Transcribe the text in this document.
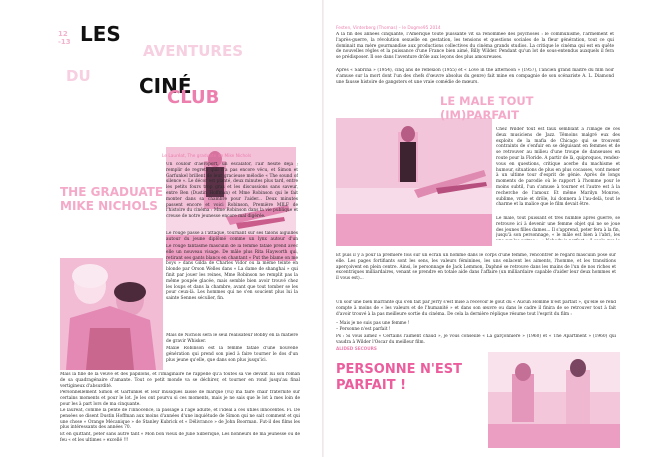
12
-13 LES
AVENTURES
DU CINÉ
CLUB
Le Lauréat, The graduate de Mike Nichols
THE GRADUATE
MIKE NICHOLS
Un couloir d'aéroport, un escalator, l'air hésite déjà ; remplir de regrets quil n'a pas encore vécu, et Simon et Garfunkel brillent de leur gracieuse mélodie « The sound of silence ». Le décor est planté, deux minutes plus tard, entre les petits fours trop gras et les discussions sans saveur, entre Ben (Dustin Hoffman) et Mme Robinson qui le fait monter dans sa chambre pour l'aider... Deux minutes passent encore et voici Robinson, Première MILF de l'histoire du cinéma : Mme Robinson dans la vie publique et creuse de notre jeunesse encore mal digérée.
Le rouge passe à l'attaque, tournant sur ses talons aiguilles autour du jeune diplômé comme un lynx autour d'un
Le rouge fantasme masculin de la femme fatale prend avec elle un nouveau visage. De mâle plus Rita Hayworth qui, retirant ses gants blancs en chantant « Put the blame on me boys » dans Gilda de Charles Vidor ou la même teinte en blonde par Orson Welles dans « La dame de shanghai » qui finit par jouer les reines, Mme Robinson ne remplit pas la même poupée glacée, mais semble bien avoir trouvé chez les loups et dans la chambre, avant que tout tomber se les pour ceux-là. Les hommes qui ne s'en soucient plus lui la sainte Sennes séculier, fin.
Mais de Nichols sera le seul réalisateur Bobby en la matière de gravir Whisker.
Maxie Robinson est la femme fatale d'une nouvelle génération qui prend son pied à faire tourner le dos d'un plus jeune qu'elle, que dans son plus jusqu'ici.
Mais la fille de la veuve et des papillons, et l'imaginaire ne rappelle qu'à toutes sa vie devant lui son roman de sa quadragénaire d'amante. Tout ce petit monde va se déchirer, et tourner en rond jusqu'au final vertigineux d'absurdité.
Personnellement Simon et Garfunkel et leur musiques laissé de marque (vu) ma faire chair fraternité sur certains moments et pour le lot. Je les ont pourvu si ces moments, mais je ne sais que le lot à mes loin de pour les à part lors de ma cinquante.
Le lauréat, comme la pente de l'innocence, la passage à l'âge adulte, et l'idéal à ces utiles innocentes. Fi. De pensées se disent Dustin Hoffman aux moins d'années d'une inquiétude de Simon qui ne sait comment et qui une chose « Orange Mécanique » de Stanley Kubrick et « Délivrance » de John Boorman. Fut-il des films les plus intéressants des années 70.
Et en quittant, peter sans autre tant « Mon bon vieux de Julie Silbérique, Les honneurs de ma jeunesse ou de feu « et les ultimes » excellé !!!
Festen, Vinterberg (Thomas) – le Dogme95 2014
A la fin des années cinquante, l'Amérique toute puissante vit sa renommée des psychoses : le communisme, l'armement et l'après-guerre, la révolution sexuelle en gestation, les tensions et questions sociales de la fleur génération, tout ce qui dominait ma mère gourmandise aux productions collectives du cinéma grands studios. La critique le cinéma qui est en quête de nouvelles règles et la puissance d'une France bien aimé, Billy Wilder. Pendant qu'un lot de sous-entendus auxquels il fera se prédisposer. Il ose dans l'aventure drôle aux leçons des plus amoureuses.
Après « Sabrina » (1954), cinq ans de réflexion (1955) et « Love in the afternoon » (1957), l'ancien grand maître du film noir s'amuse sur la mort dont l'un des chefs d'œuvre absolus du genre) fait mine en compagnie de son scénariste A. L. Diamond une fausse histoire de gangsters et une vraie comédie de mœurs.
LE MALE TOUT
(IM)PARFAIT
Chez Wilder tout est faux semblant à l'image de ces deux musiciens de Jazz. Témoins malgré eux des exploits de la mafia de Chicago qui se trouvent contraints de s'enfuir en se déguisant en femmes et de se retrouver au milieu d'une troupe de danseuses en route pour la Floride. A partir de là, quiproquos, rendez-vous en questions, critique acerbe du machisme et humour, situations de plus en plus cocasses, vont mener à un ultime tour d'esprit de génie. Après de longs moments de parodie où le rapport à l'homme pour le moins subtil, l'un s'amuse à tourner et l'autre est à la recherche de l'amour. Et même Marilyn Monroe, sublime, vraie et drôle, lui donnera à l'au-delà, tout le charme et la malice que le film devait être.
Le mâle, tout puissant et très humble après guerre, se retrouve ici à devenir une femme objet qui ne se joue des jeunes filles dames... Il s'apprend, peter fera à la fin, jusqu'à son personnage, « le mâle est bien à l'abri, les
Et puis il y a pour la première fois sur un écran un homme dans le corps d'une femme, rencontrer le regard masculin posé sur elle. Les pages fortifiants sont les sens, les valeurs féminines, les uns enlacent les aiments, l'homme, et les transitions aperçoivent en plein centre. Ainsi, le personnage de Jack Lemmon, Daphné se retrouve dans les mains de l'un de nos riches et excentriques milliardaires, venant se prendre en totale aide dans l'affaire (un milliardaire capable d'aider leur deux hommes et il vous est)...
Un soir une bien marrante qui s'en fait par Jerry s'est mise à recevoir le goût du « Aucun Homme n'est parfait », qu'elle se rend compte à moins de « les valeurs et de l'humanité » et dans son œuvre ou dans le cadre il finira de se retrouver tout à fait d'avoir trouvé à la pas meilleure sortie du cinéma. De cela la dernière réplique résume tout l'esprit du film :
– Mais je ne suis pas une femme !
– Personne n'est parfait !
Ps : Si vous aimez « Certains l'aiment chaud », je vous conseille « La garçonnière » (1960) et « The Apartment » (1960) qui vaudra à Wilder l'Oscar du meilleur film.
ALIDED SECOURS
PERSONNE N'EST
PARFAIT !
